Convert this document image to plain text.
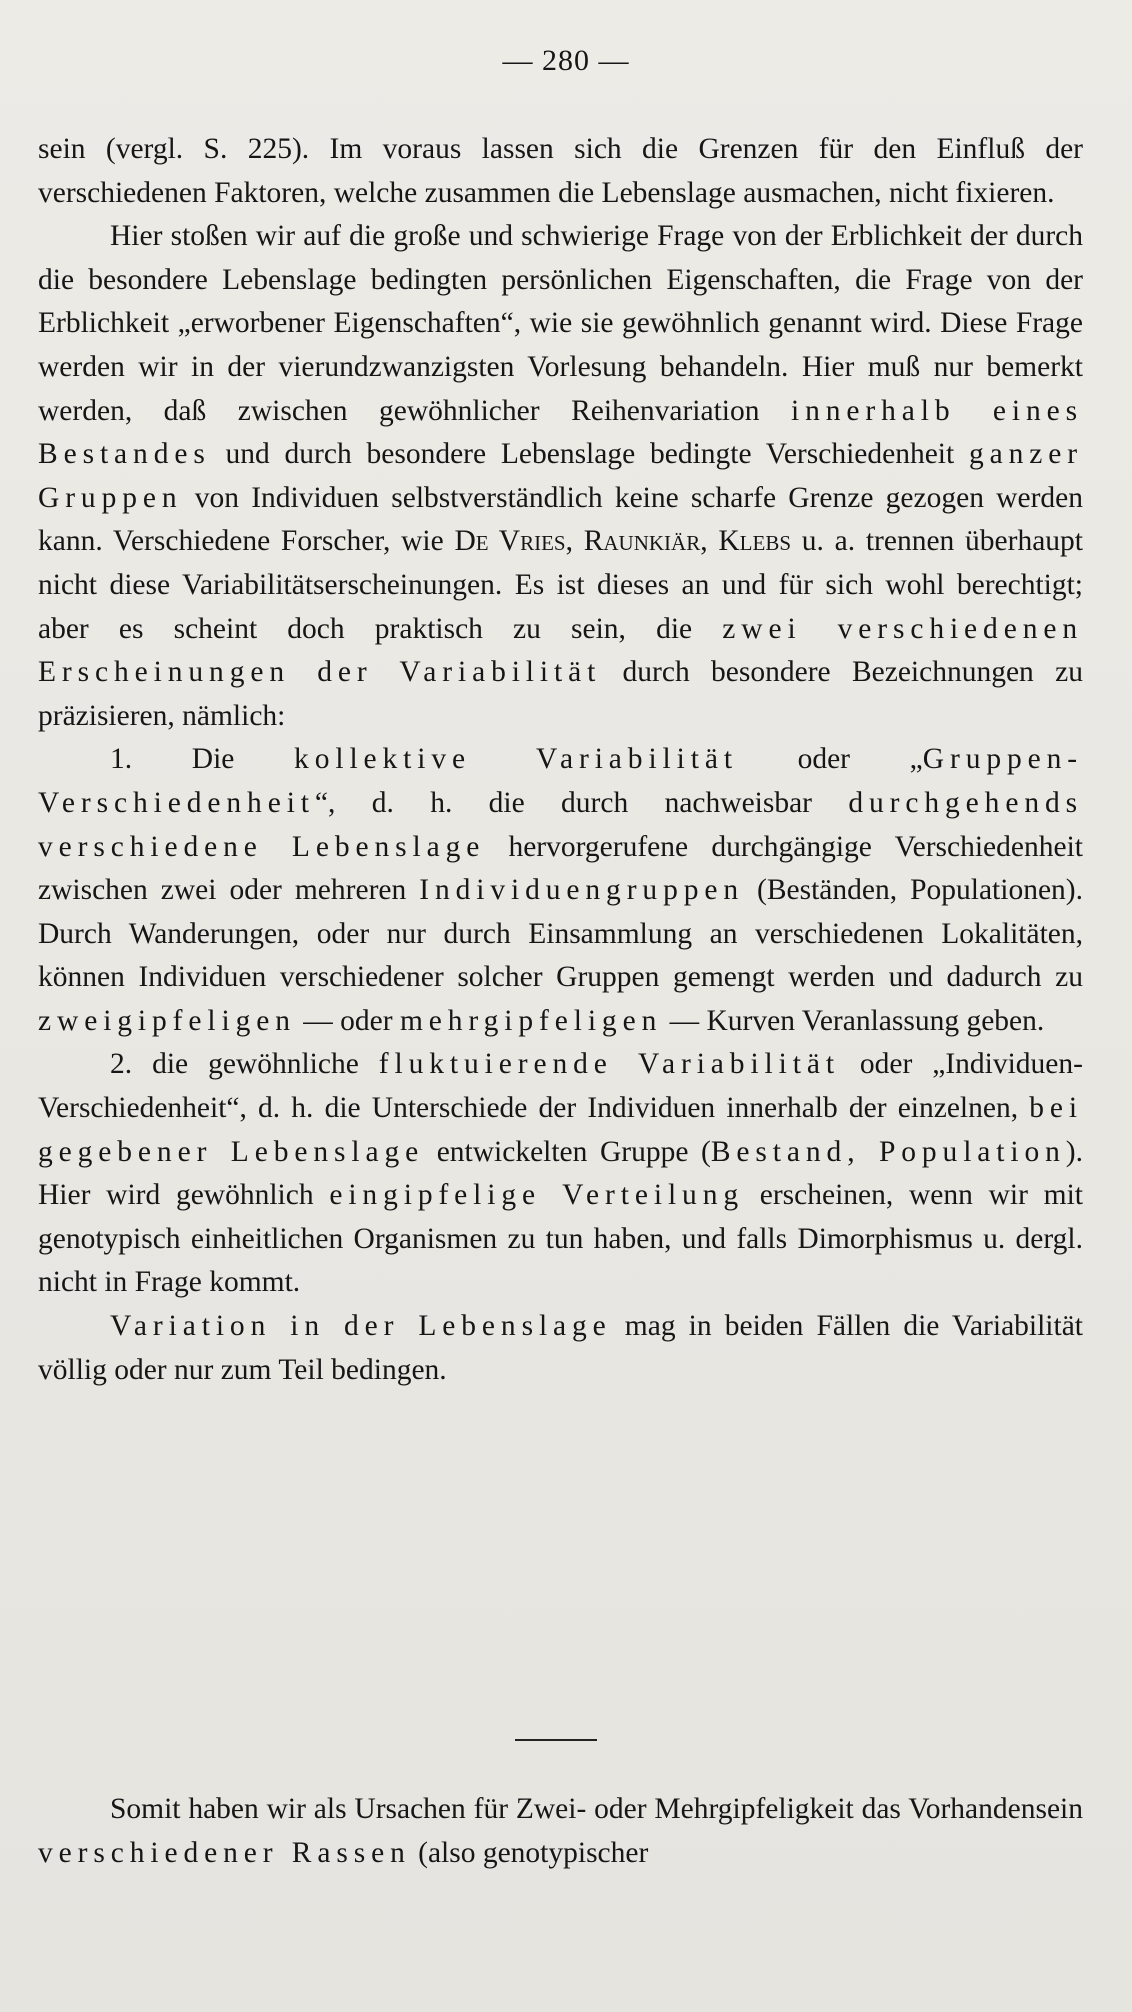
— 280 —

sein (vergl. S. 225). Im voraus lassen sich die Grenzen für den Einfluß der verschiedenen Faktoren, welche zusammen die Lebenslage ausmachen, nicht fixieren.

Hier stoßen wir auf die große und schwierige Frage von der Erblichkeit der durch die besondere Lebenslage bedingten persönlichen Eigenschaften, die Frage von der Erblichkeit „erworbener Eigenschaften“, wie sie gewöhnlich genannt wird. Diese Frage werden wir in der vierundzwanzigsten Vorlesung behandeln. Hier muß nur bemerkt werden, daß zwischen gewöhnlicher Reihenvariation innerhalb eines Bestandes und durch besondere Lebenslage bedingte Verschiedenheit ganzer Gruppen von Individuen selbstverständlich keine scharfe Grenze gezogen werden kann. Verschiedene Forscher, wie De Vries, Raunkiär, Klebs u. a. trennen überhaupt nicht diese Variabilitätserscheinungen. Es ist dieses an und für sich wohl berechtigt; aber es scheint doch praktisch zu sein, die zwei verschiedenen Erscheinungen der Variabilität durch besondere Bezeichnungen zu präzisieren, nämlich:

1. Die kollektive Variabilität oder „Gruppen-Verschiedenheit“, d. h. die durch nachweisbar durchgehends verschiedene Lebenslage hervorgerufene durchgängige Verschiedenheit zwischen zwei oder mehreren Individuengruppen (Beständen, Populationen). Durch Wanderungen, oder nur durch Einsammlung an verschiedenen Lokalitäten, können Individuen verschiedener solcher Gruppen gemengt werden und dadurch zu zweigipfeligen — oder mehrgipfeligen — Kurven Veranlassung geben.

2. die gewöhnliche fluktuierende Variabilität oder „Individuen-Verschiedenheit“, d. h. die Unterschiede der Individuen innerhalb der einzelnen, bei gegebener Lebenslage entwickelten Gruppe (Bestand, Population). Hier wird gewöhnlich eingipfelige Verteilung erscheinen, wenn wir mit genotypisch einheitlichen Organismen zu tun haben, und falls Dimorphismus u. dergl. nicht in Frage kommt.

Variation in der Lebenslage mag in beiden Fällen die Variabilität völlig oder nur zum Teil bedingen.

Somit haben wir als Ursachen für Zwei- oder Mehrgipfeligkeit das Vorhandensein verschiedener Rassen (also genotypischer
